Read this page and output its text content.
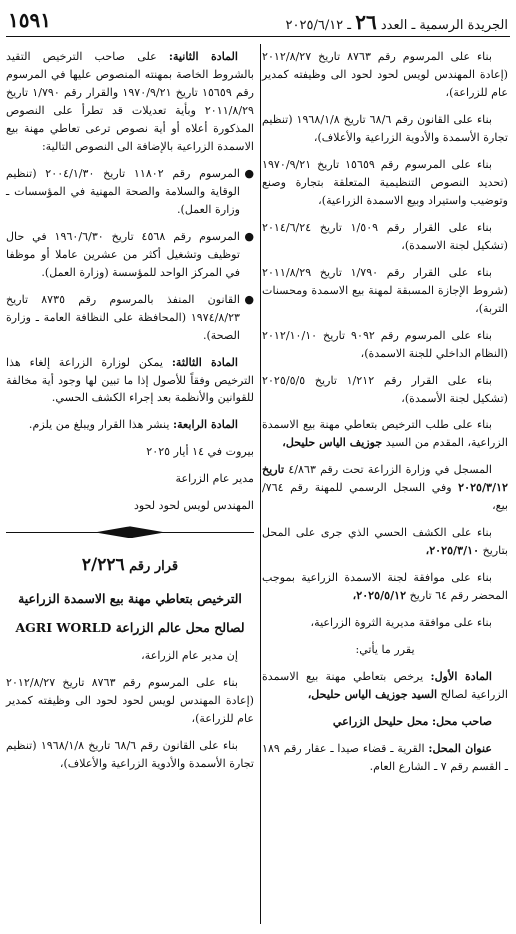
الجريدة الرسمية ـ العدد ٢٦ ـ ٢٠٢٥/٦/١٢
١٥٩١

بناء على المرسوم رقم ٨٧٦٣ تاريخ ٢٠١٢/٨/٢٧ (إعادة المهندس لويس لحود لحود الى وظيفته كمدير عام للزراعة)،

بناء على القانون رقم ٦٨/٦ تاريخ ١٩٦٨/١/٨ (تنظيم تجارة الأسمدة والأدوية الزراعية والأعلاف)،

بناء على المرسوم رقم ١٥٦٥٩ تاريخ ١٩٧٠/٩/٢١ (تحديد النصوص التنظيمية المتعلقة بتجارة وصنع وتوضيب واستيراد وبيع الاسمدة الزراعية)،

بناء على القرار رقم ١/٥٠٩ تاريخ ٢٠١٤/٦/٢٤ (تشكيل لجنة الاسمدة)،

بناء على القرار رقم ١/٧٩٠ تاريخ ٢٠١١/٨/٢٩ (شروط الإجازة المسبقة لمهنة بيع الاسمدة ومحسنات التربة)،

بناء على المرسوم رقم ٩٠٩٢ تاريخ ٢٠١٢/١٠/١٠ (النظام الداخلي للجنة الاسمدة)،

بناء على القرار رقم ١/٢١٢ تاريخ ٢٠٢٥/٥/٥ (تشكيل لجنة الأسمدة)،

بناء على طلب الترخيص بتعاطي مهنة بيع الاسمدة الزراعية، المقدم من السيد جوزيف الياس حليحل،

المسجل في وزارة الزراعة تحت رقم ٤/٨٦٣ تاريخ ٢٠٢٥/٣/١٢ وفي السجل الرسمي للمهنة رقم ٧٦٤/ بيع،

بناء على الكشف الحسي الذي جرى على المحل بتاريخ ٢٠٢٥/٣/١٠،

بناء على موافقة لجنة الاسمدة الزراعية بموجب المحضر رقم ٦٤ تاريخ ٢٠٢٥/٥/١٢،

بناء على موافقة مديرية الثروة الزراعية،

يقرر ما يأتي:

المادة الأول: يرخص بتعاطي مهنة بيع الاسمدة الزراعية لصالح السيد جوزيف الياس حليحل،

صاحب محل: محل حليحل الزراعي

عنوان المحل: القرية ـ قضاء صيدا ـ عقار رقم ١٨٩ ـ القسم رقم ٧ ـ الشارع العام.

المادة الثانية: على صاحب الترخيص التقيد بالشروط الخاصة بمهنته المنصوص عليها في المرسوم رقم ١٥٦٥٩ تاريخ ١٩٧٠/٩/٢١ والقرار رقم ١/٧٩٠ تاريخ ٢٠١١/٨/٢٩ وبأية تعديلات قد تطرأ على النصوص المذكورة أعلاه أو أية نصوص ترعى تعاطي مهنة بيع الاسمدة الزراعية بالإضافة الى النصوص التالية:

●
المرسوم رقم ١١٨٠٢ تاريخ ٢٠٠٤/١/٣٠ (تنظيم الوقاية والسلامة والصحة المهنية في المؤسسات ـ وزارة العمل).

●
المرسوم رقم ٤٥٦٨ تاريخ ١٩٦٠/٦/٣٠ في حال توظيف وتشغيل أكثر من عشرين عاملا أو موظفا في المركز الواحد للمؤسسة (وزارة العمل).

●
القانون المنفذ بالمرسوم رقم ٨٧٣٥ تاريخ ١٩٧٤/٨/٢٣ (المحافظة على النظافة العامة ـ وزارة الصحة).

المادة الثالثة: يمكن لوزارة الزراعة إلغاء هذا الترخيص وفقاً للأصول إذا ما تبين لها وجود أية مخالفة للقوانين والأنظمة بعد إجراء الكشف الحسي.

المادة الرابعة: ينشر هذا القرار ويبلغ من يلزم.

بيروت في ١٤ أيار ٢٠٢٥

مدير عام الزراعة

المهندس لويس لحود لحود

قرار رقم ٢/٢٢٦

الترخيص بتعاطي مهنة بيع الاسمدة الزراعية

لصالح محل عالم الزراعة AGRI WORLD

إن مدير عام الزراعة،

بناء على المرسوم رقم ٨٧٦٣ تاريخ ٢٠١٢/٨/٢٧ (إعادة المهندس لويس لحود لحود الى وظيفته كمدير عام للزراعة)،

بناء على القانون رقم ٦٨/٦ تاريخ ١٩٦٨/١/٨ (تنظيم تجارة الأسمدة والأدوية الزراعية والأعلاف)،
